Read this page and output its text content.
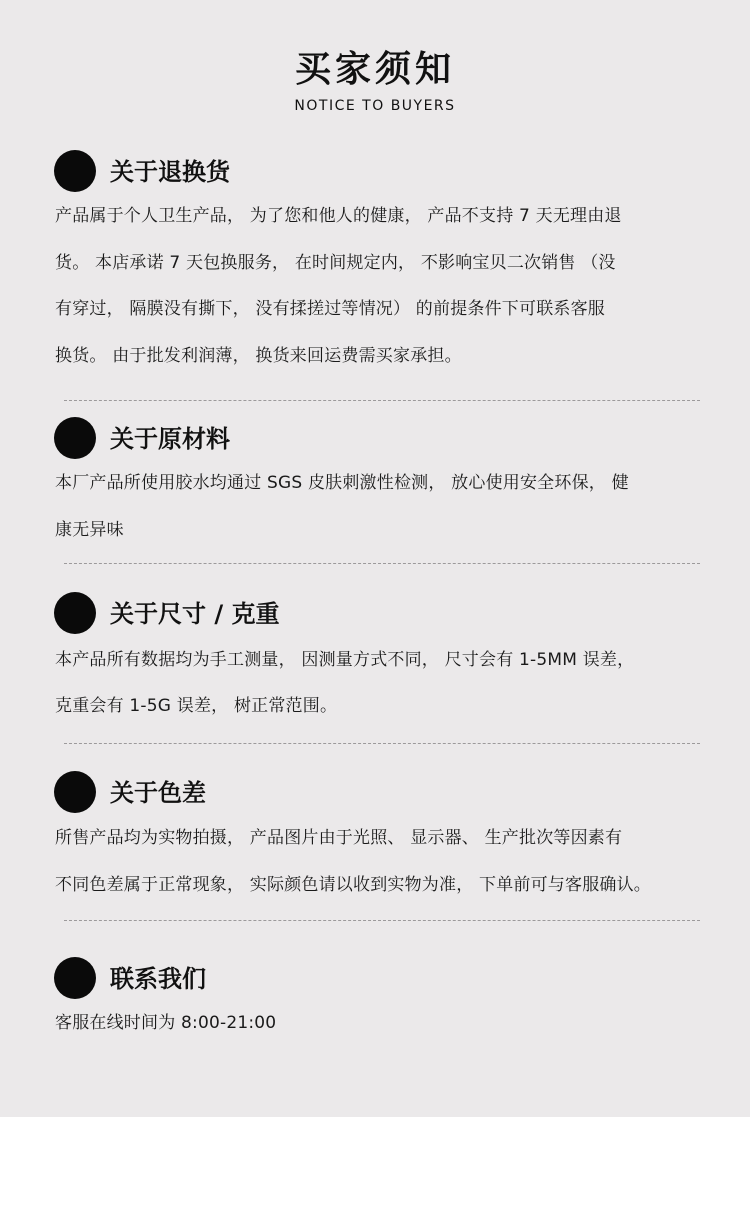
买家须知
NOTICE TO BUYERS
关于退换货
产品属于个人卫生产品， 为了您和他人的健康， 产品不支持 7 天无理由退
货。 本店承诺 7 天包换服务， 在时间规定内， 不影响宝贝二次销售 （没
有穿过， 隔膜没有撕下， 没有揉搓过等情况） 的前提条件下可联系客服
换货。 由于批发利润薄， 换货来回运费需买家承担。
关于原材料
本厂产品所使用胶水均通过 SGS 皮肤刺激性检测， 放心使用安全环保， 健
康无异味
关于尺寸 / 克重
本产品所有数据均为手工测量， 因测量方式不同， 尺寸会有 1-5MM 误差，
克重会有 1-5G 误差， 树正常范围。
关于色差
所售产品均为实物拍摄， 产品图片由于光照、 显示器、 生产批次等因素有
不同色差属于正常现象， 实际颜色请以收到实物为准， 下单前可与客服确认。
联系我们
客服在线时间为 8:00-21:00
